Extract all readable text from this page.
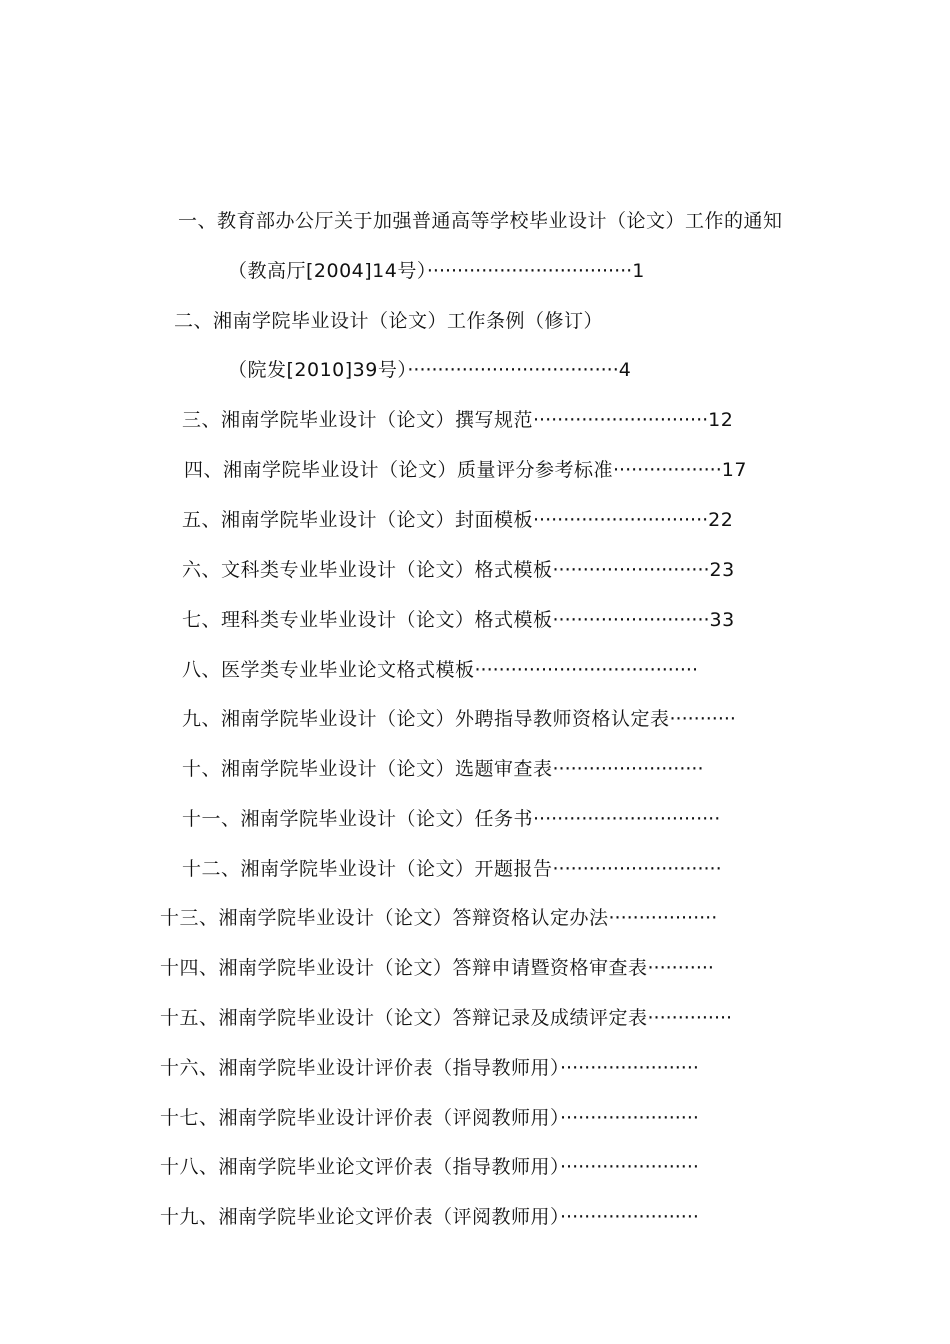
一、教育部办公厅关于加强普通高等学校毕业设计（论文）工作的通知
（教高厅[2004]14号）··································1
二、湘南学院毕业设计（论文）工作条例（修订）
（院发[2010]39号）···································4
三、湘南学院毕业设计（论文）撰写规范·····························12
四、湘南学院毕业设计（论文）质量评分参考标准··················17
五、湘南学院毕业设计（论文）封面模板·····························22
六、文科类专业毕业设计（论文）格式模板··························23
七、理科类专业毕业设计（论文）格式模板··························33
八、医学类专业毕业论文格式模板·····································
九、湘南学院毕业设计（论文）外聘指导教师资格认定表···········
十、湘南学院毕业设计（论文）选题审查表·························
十一、湘南学院毕业设计（论文）任务书·······························
十二、湘南学院毕业设计（论文）开题报告····························
十三、湘南学院毕业设计（论文）答辩资格认定办法··················
十四、湘南学院毕业设计（论文）答辩申请暨资格审查表···········
十五、湘南学院毕业设计（论文）答辩记录及成绩评定表··············
十六、湘南学院毕业设计评价表（指导教师用）·······················
十七、湘南学院毕业设计评价表（评阅教师用）·······················
十八、湘南学院毕业论文评价表（指导教师用）·······················
十九、湘南学院毕业论文评价表（评阅教师用）·······················
